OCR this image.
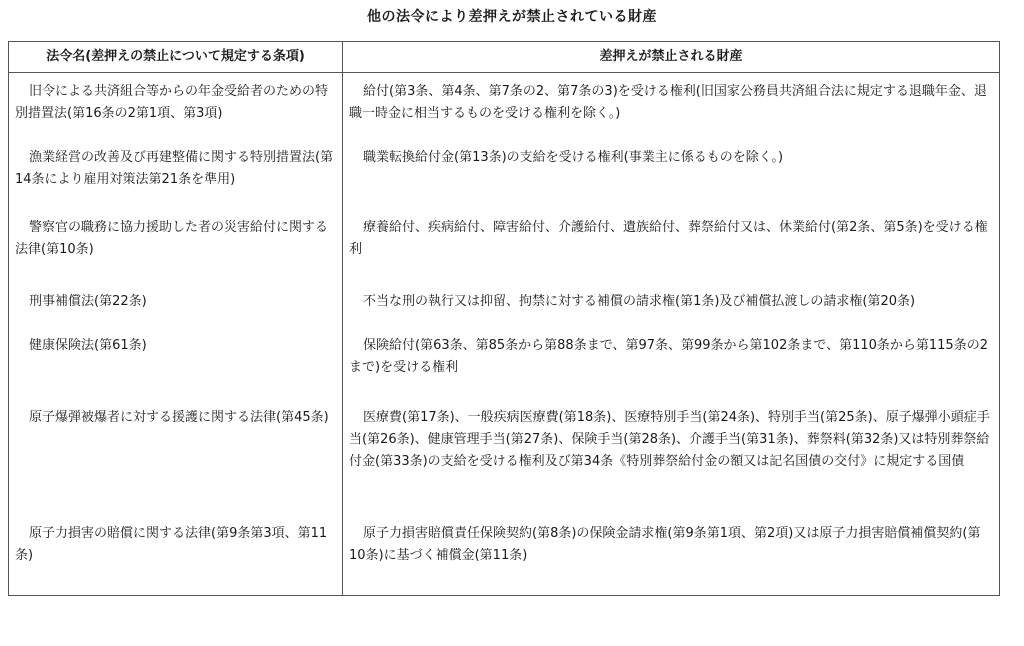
他の法令により差押えが禁止されている財産
法令名(差押えの禁止について規定する条項)	差押えが禁止される財産

旧令による共済組合等からの年金受給者のための特別措置法(第16条の2第1項、第3項)	給付(第3条、第4条、第7条の2、第7条の3)を受ける権利(旧国家公務員共済組合法に規定する退職年金、退職一時金に相当するものを受ける権利を除く。)

漁業経営の改善及び再建整備に関する特別措置法(第14条により雇用対策法第21条を準用)	職業転換給付金(第13条)の支給を受ける権利(事業主に係るものを除く。)

警察官の職務に協力援助した者の災害給付に関する法律(第10条)	療養給付、疾病給付、障害給付、介護給付、遺族給付、葬祭給付又は、休業給付(第2条、第5条)を受ける権利

刑事補償法(第22条)	不当な刑の執行又は抑留、拘禁に対する補償の請求権(第1条)及び補償払渡しの請求権(第20条)

健康保険法(第61条)	保険給付(第63条、第85条から第88条まで、第97条、第99条から第102条まで、第110条から第115条の2まで)を受ける権利

原子爆弾被爆者に対する援護に関する法律(第45条)	医療費(第17条)、一般疾病医療費(第18条)、医療特別手当(第24条)、特別手当(第25条)、原子爆弾小頭症手当(第26条)、健康管理手当(第27条)、保険手当(第28条)、介護手当(第31条)、葬祭料(第32条)又は特別葬祭給付金(第33条)の支給を受ける権利及び第34条《特別葬祭給付金の額又は記名国債の交付》に規定する国債

原子力損害の賠償に関する法律(第9条第3項、第11条)	原子力損害賠償責任保険契約(第8条)の保険金請求権(第9条第1項、第2項)又は原子力損害賠償補償契約(第10条)に基づく補償金(第11条)
